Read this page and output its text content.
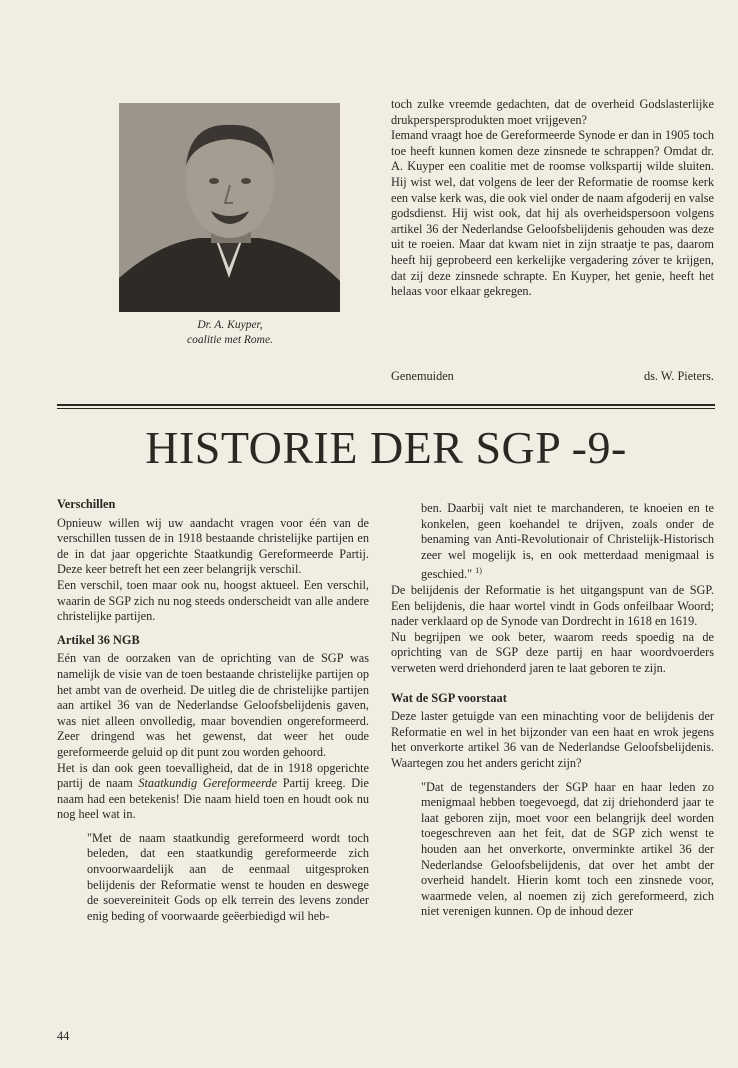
Dr. A. Kuyper,
coalitie met Rome.

toch zulke vreemde gedachten, dat de overheid Godslasterlijke drukperspersprodukten moet vrijgeven?

Iemand vraagt hoe de Gereformeerde Synode er dan in 1905 toch toe heeft kunnen komen deze zinsnede te schrappen? Omdat dr. A. Kuyper een coalitie met de roomse volkspartij wilde sluiten. Hij wist wel, dat volgens de leer der Reformatie de roomse kerk een valse kerk was, die ook viel onder de naam afgoderij en valse godsdienst. Hij wist ook, dat hij als overheidspersoon volgens artikel 36 der Nederlandse Geloofsbelijdenis gehouden was deze uit te roeien. Maar dat kwam niet in zijn straatje te pas, daarom heeft hij geprobeerd een kerkelijke vergadering zóver te krijgen, dat zij deze zinsnede schrapte. En Kuyper, het genie, heeft het helaas voor elkaar gekregen.

Genemuiden	ds. W. Pieters.
HISTORIE DER SGP -9-
Verschillen

Opnieuw willen wij uw aandacht vragen voor één van de verschillen tussen de in 1918 bestaande christelijke partijen en de in dat jaar opgerichte Staatkundig Gereformeerde Partij. Deze keer betreft het een zeer belangrijk verschil.

Een verschil, toen maar ook nu, hoogst aktueel. Een verschil, waarin de SGP zich nu nog steeds onderscheidt van alle andere christelijke partijen.

Artikel 36 NGB

Eén van de oorzaken van de oprichting van de SGP was namelijk de visie van de toen bestaande christelijke partijen op het ambt van de overheid. De uitleg die de christelijke partijen aan artikel 36 van de Nederlandse Geloofsbelijdenis gaven, was niet alleen onvolledig, maar bovendien ongereformeerd. Zeer dringend was het gewenst, dat weer het oude gereformeerde geluid op dit punt zou worden gehoord.

Het is dan ook geen toevalligheid, dat de in 1918 opgerichte partij de naam Staatkundig Gereformeerde Partij kreeg. Die naam had een betekenis! Die naam hield toen en houdt ook nu nog heel wat in.

"Met de naam staatkundig gereformeerd wordt toch beleden, dat een staatkundig gereformeerde zich onvoorwaardelijk aan de eenmaal uitgesproken belijdenis der Reformatie wenst te houden en deswege de soevereiniteit Gods op elk terrein des levens zonder enig beding of voorwaarde geëerbiedigd wil heb-

ben. Daarbij valt niet te marchanderen, te knoeien en te konkelen, geen koehandel te drijven, zoals onder de benaming van Anti-Revolutionair of Christelijk-Historisch zeer wel mogelijk is, en ook metterdaad menigmaal is geschied." $^{1)}$

De belijdenis der Reformatie is het uitgangspunt van de SGP. Een belijdenis, die haar wortel vindt in Gods onfeilbaar Woord; nader verklaard op de Synode van Dordrecht in 1618 en 1619.

Nu begrijpen we ook beter, waarom reeds spoedig na de oprichting van de SGP deze partij en haar woordvoerders verweten werd driehonderd jaren te laat geboren te zijn.

Wat de SGP voorstaat

Deze laster getuigde van een minachting voor de belijdenis der Reformatie en wel in het bijzonder van een haat en wrok jegens het onverkorte artikel 36 van de Nederlandse Geloofsbelijdenis. Waartegen zou het anders gericht zijn?

"Dat de tegenstanders der SGP haar en haar leden zo menigmaal hebben toegevoegd, dat zij driehonderd jaar te laat geboren zijn, moet voor een belangrijk deel worden toegeschreven aan het feit, dat de SGP zich wenst te houden aan het onverkorte, onverminkte artikel 36 der Nederlandse Geloofsbelijdenis, dat over het ambt der overheid handelt. Hierin komt toch een zinsnede voor, waarmede velen, al noemen zij zich gereformeerd, zich niet verenigen kunnen. Op de inhoud dezer

44
